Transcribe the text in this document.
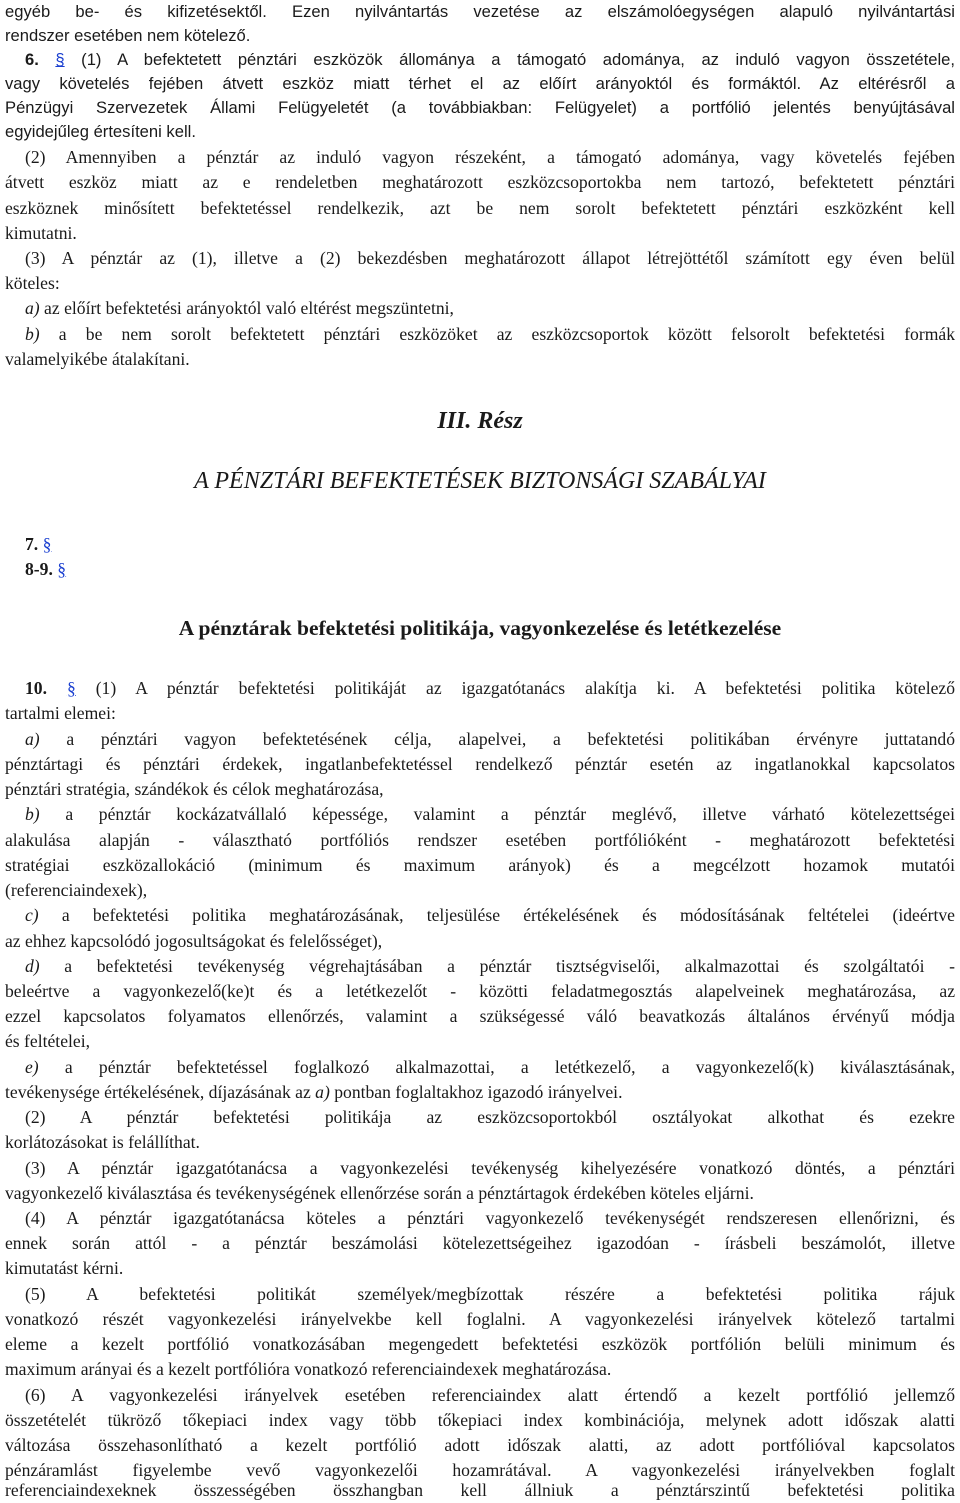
egyéb be- és kifizetésektől. Ezen nyilvántartás vezetése az elszámolóegységen alapuló nyilvántartási
rendszer esetében nem kötelező.
6. § (1) A befektetett pénztári eszközök állománya a támogató adománya, az induló vagyon összetétele,
vagy követelés fejében átvett eszköz miatt térhet el az előírt arányoktól és formáktól. Az eltérésről a
Pénzügyi Szervezetek Állami Felügyeletét (a továbbiakban: Felügyelet) a portfólió jelentés benyújtásával
egyidejűleg értesíteni kell.
(2) Amennyiben a pénztár az induló vagyon részeként, a támogató adománya, vagy követelés fejében
átvett eszköz miatt az e rendeletben meghatározott eszközcsoportokba nem tartozó, befektetett pénztári
eszköznek minősített befektetéssel rendelkezik, azt be nem sorolt befektetett pénztári eszközként kell
kimutatni.
(3) A pénztár az (1), illetve a (2) bekezdésben meghatározott állapot létrejöttétől számított egy éven belül
köteles:
a) az előírt befektetési arányoktól való eltérést megszüntetni,
b) a be nem sorolt befektetett pénztári eszközöket az eszközcsoportok között felsorolt befektetési formák
valamelyikébe átalakítani.
III. Rész
A PÉNZTÁRI BEFEKTETÉSEK BIZTONSÁGI SZABÁLYAI
7. §
8-9. §
A pénztárak befektetési politikája, vagyonkezelése és letétkezelése
10. § (1) A pénztár befektetési politikáját az igazgatótanács alakítja ki. A befektetési politika kötelező
tartalmi elemei:
a) a pénztári vagyon befektetésének célja, alapelvei, a befektetési politikában érvényre juttatandó
pénztártagi és pénztári érdekek, ingatlanbefektetéssel rendelkező pénztár esetén az ingatlanokkal kapcsolatos
pénztári stratégia, szándékok és célok meghatározása,
b) a pénztár kockázatvállaló képessége, valamint a pénztár meglévő, illetve várható kötelezettségei
alakulása alapján - választható portfóliós rendszer esetében portfólióként - meghatározott befektetési
stratégiai eszközallokáció (minimum és maximum arányok) és a megcélzott hozamok mutatói
(referenciaindexek),
c) a befektetési politika meghatározásának, teljesülése értékelésének és módosításának feltételei (ideértve
az ehhez kapcsolódó jogosultságokat és felelősséget),
d) a befektetési tevékenység végrehajtásában a pénztár tisztségviselői, alkalmazottai és szolgáltatói -
beleértve a vagyonkezelő(ke)t és a letétkezelőt - közötti feladatmegosztás alapelveinek meghatározása, az
ezzel kapcsolatos folyamatos ellenőrzés, valamint a szükségessé váló beavatkozás általános érvényű módja
és feltételei,
e) a pénztár befektetéssel foglalkozó alkalmazottai, a letétkezelő, a vagyonkezelő(k) kiválasztásának,
tevékenysége értékelésének, díjazásának az a) pontban foglaltakhoz igazodó irányelvei.
(2) A pénztár befektetési politikája az eszközcsoportokból osztályokat alkothat és ezekre
korlátozásokat is felállíthat.
(3) A pénztár igazgatótanácsa a vagyonkezelési tevékenység kihelyezésére vonatkozó döntés, a pénztári
vagyonkezelő kiválasztása és tevékenységének ellenőrzése során a pénztártagok érdekében köteles eljárni.
(4) A pénztár igazgatótanácsa köteles a pénztári vagyonkezelő tevékenységét rendszeresen ellenőrizni, és
ennek során attól - a pénztár beszámolási kötelezettségeihez igazodóan - írásbeli beszámolót, illetve
kimutatást kérni.
(5) A befektetési politikát személyek/megbízottak részére a befektetési politika rájuk
vonatkozó részét vagyonkezelési irányelvekbe kell foglalni. A vagyonkezelési irányelvek kötelező tartalmi
eleme a kezelt portfólió vonatkozásában megengedett befektetési eszközök portfólión belüli minimum és
maximum arányai és a kezelt portfólióra vonatkozó referenciaindexek meghatározása.
(6) A vagyonkezelési irányelvek esetében referenciaindex alatt értendő a kezelt portfólió jellemző
összetételét tükröző tőkepiaci index vagy több tőkepiaci index kombinációja, melynek adott időszak alatti
változása összehasonlítható a kezelt portfólió adott időszak alatti, az adott portfólióval kapcsolatos
pénzáramlást figyelembe vevő vagyonkezelői hozamrátával. A vagyonkezelési irányelvekben foglalt
referenciaindexeknek összességében összhangban kell állniuk a pénztárszintű befektetési politika
